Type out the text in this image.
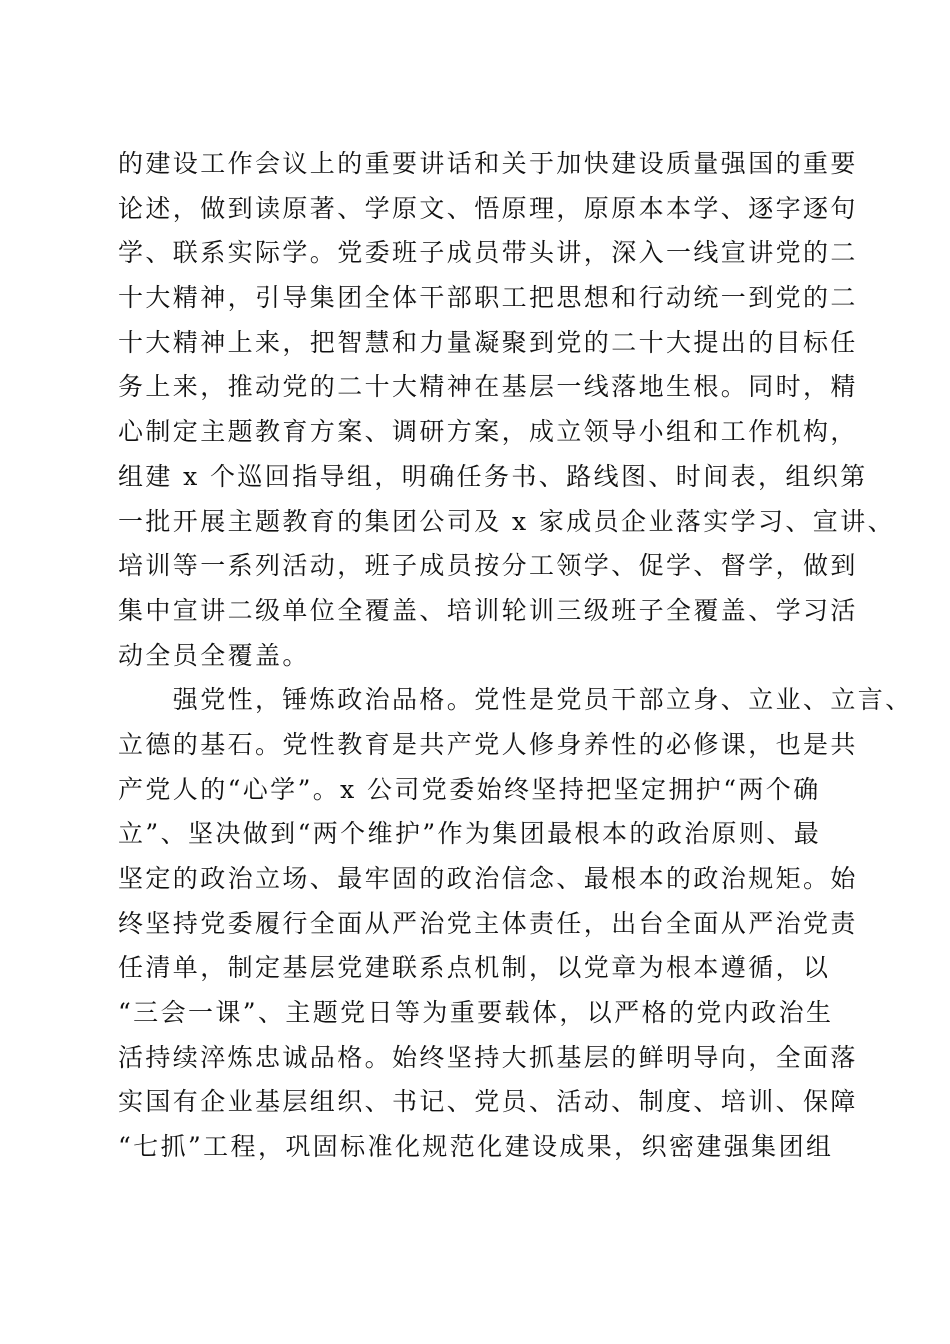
的建设工作会议上的重要讲话和关于加快建设质量强国的重要
论述，做到读原著、学原文、悟原理，原原本本学、逐字逐句
学、联系实际学。党委班子成员带头讲，深入一线宣讲党的二
十大精神，引导集团全体干部职工把思想和行动统一到党的二
十大精神上来，把智慧和力量凝聚到党的二十大提出的目标任
务上来，推动党的二十大精神在基层一线落地生根。同时，精
心制定主题教育方案、调研方案，成立领导小组和工作机构，
组建 x 个巡回指导组，明确任务书、路线图、时间表，组织第
一批开展主题教育的集团公司及 x 家成员企业落实学习、宣讲、
培训等一系列活动，班子成员按分工领学、促学、督学，做到
集中宣讲二级单位全覆盖、培训轮训三级班子全覆盖、学习活
动全员全覆盖。
　　强党性，锤炼政治品格。党性是党员干部立身、立业、立言、
立德的基石。党性教育是共产党人修身养性的必修课，也是共
产党人的“心学”。x 公司党委始终坚持把坚定拥护“两个确
立”、坚决做到“两个维护”作为集团最根本的政治原则、最
坚定的政治立场、最牢固的政治信念、最根本的政治规矩。始
终坚持党委履行全面从严治党主体责任，出台全面从严治党责
任清单，制定基层党建联系点机制，以党章为根本遵循，以
“三会一课”、主题党日等为重要载体，以严格的党内政治生
活持续淬炼忠诚品格。始终坚持大抓基层的鲜明导向，全面落
实国有企业基层组织、书记、党员、活动、制度、培训、保障
“七抓”工程，巩固标准化规范化建设成果，织密建强集团组
